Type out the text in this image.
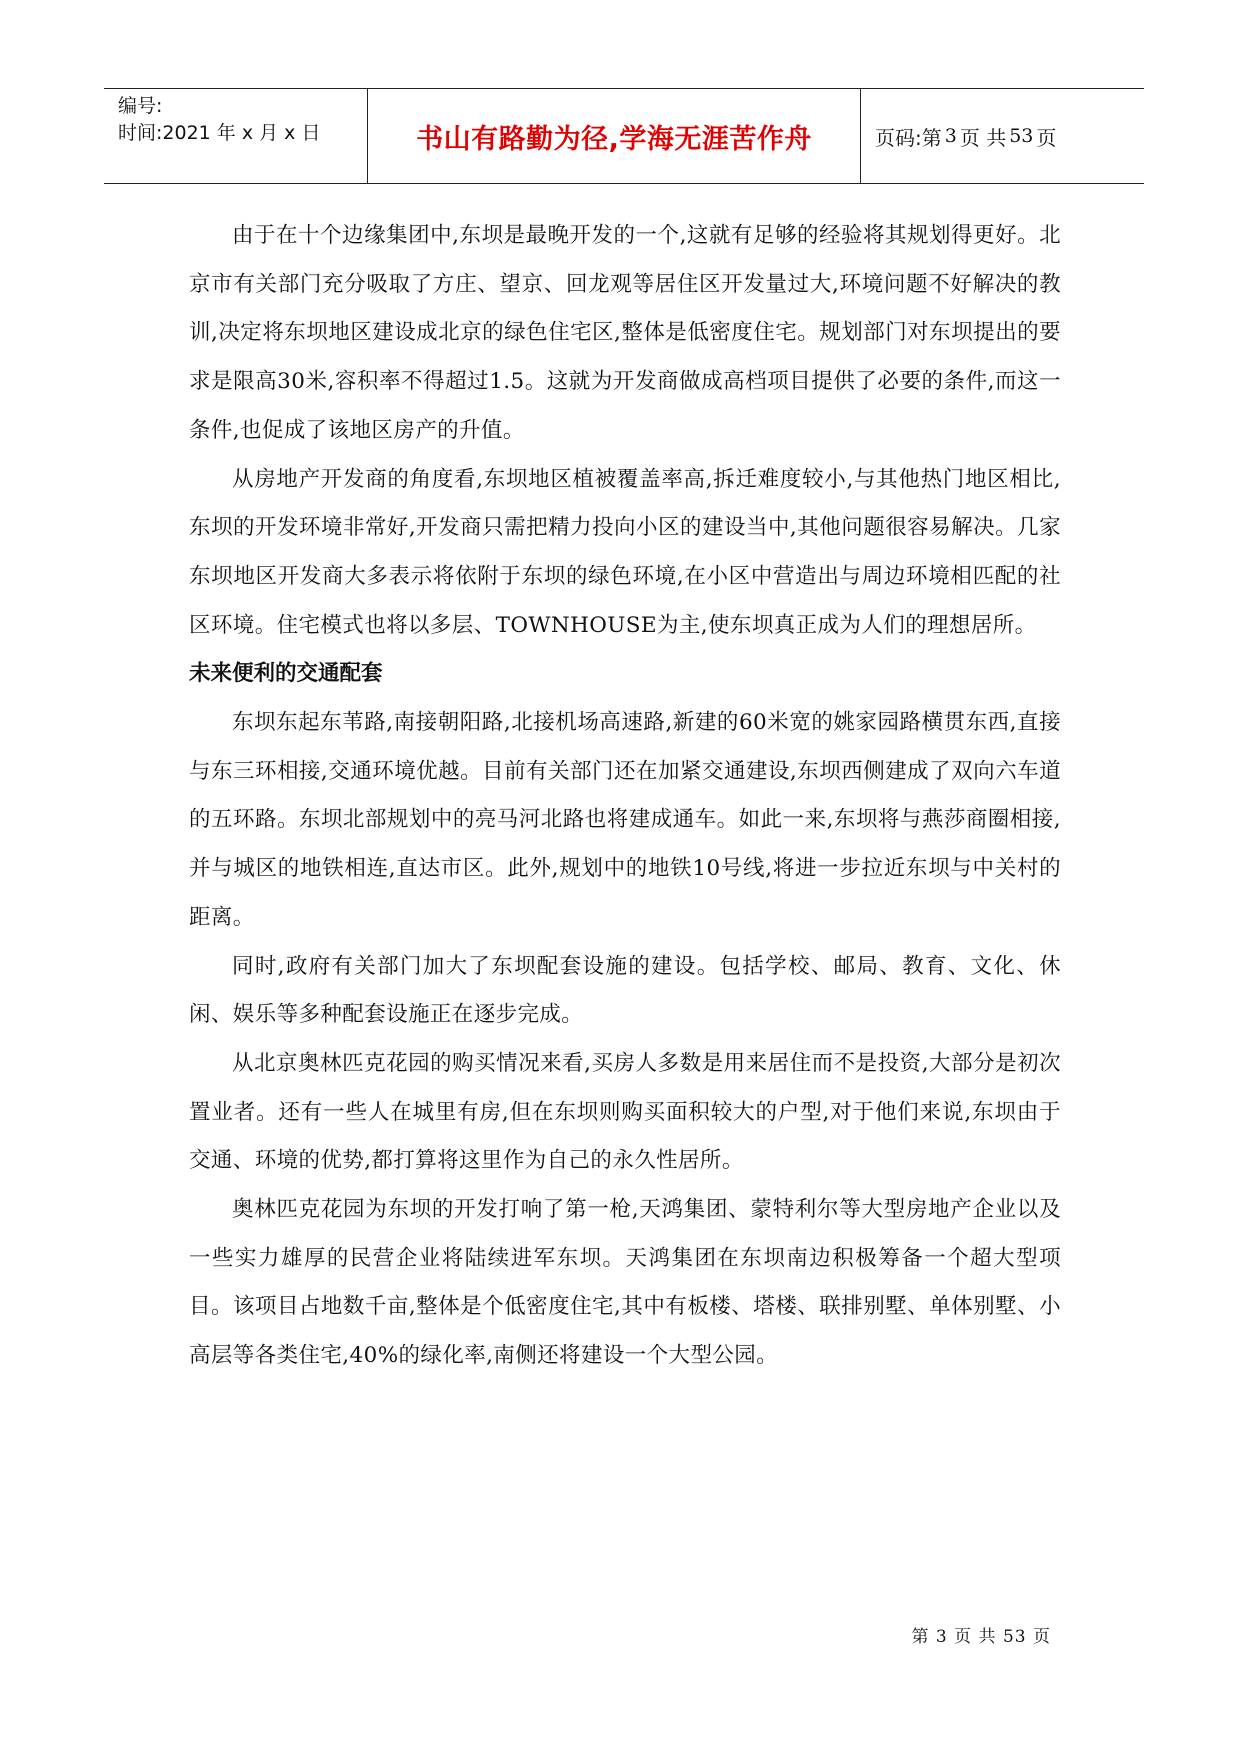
编号:
时间:2021 年 x 月 x 日	书山有路勤为径,学海无涯苦作舟	页码:第 3 页 共 53 页

由于在十个边缘集团中,东坝是最晚开发的一个,这就有足够的经验将其规划得更好。北京市有关部门充分吸取了方庄、望京、回龙观等居住区开发量过大,环境问题不好解决的教训,决定将东坝地区建设成北京的绿色住宅区,整体是低密度住宅。规划部门对东坝提出的要求是限高30米,容积率不得超过1.5。这就为开发商做成高档项目提供了必要的条件,而这一条件,也促成了该地区房产的升值。

从房地产开发商的角度看,东坝地区植被覆盖率高,拆迁难度较小,与其他热门地区相比,东坝的开发环境非常好,开发商只需把精力投向小区的建设当中,其他问题很容易解决。几家东坝地区开发商大多表示将依附于东坝的绿色环境,在小区中营造出与周边环境相匹配的社区环境。住宅模式也将以多层、TOWNHOUSE为主,使东坝真正成为人们的理想居所。

未来便利的交通配套

东坝东起东苇路,南接朝阳路,北接机场高速路,新建的60米宽的姚家园路横贯东西,直接与东三环相接,交通环境优越。目前有关部门还在加紧交通建设,东坝西侧建成了双向六车道的五环路。东坝北部规划中的亮马河北路也将建成通车。如此一来,东坝将与燕莎商圈相接,并与城区的地铁相连,直达市区。此外,规划中的地铁10号线,将进一步拉近东坝与中关村的距离。

同时,政府有关部门加大了东坝配套设施的建设。包括学校、邮局、教育、文化、休闲、娱乐等多种配套设施正在逐步完成。

从北京奥林匹克花园的购买情况来看,买房人多数是用来居住而不是投资,大部分是初次置业者。还有一些人在城里有房,但在东坝则购买面积较大的户型,对于他们来说,东坝由于交通、环境的优势,都打算将这里作为自己的永久性居所。

奥林匹克花园为东坝的开发打响了第一枪,天鸿集团、蒙特利尔等大型房地产企业以及一些实力雄厚的民营企业将陆续进军东坝。天鸿集团在东坝南边积极筹备一个超大型项目。该项目占地数千亩,整体是个低密度住宅,其中有板楼、塔楼、联排别墅、单体别墅、小高层等各类住宅,40%的绿化率,南侧还将建设一个大型公园。

第 3 页 共 53 页
